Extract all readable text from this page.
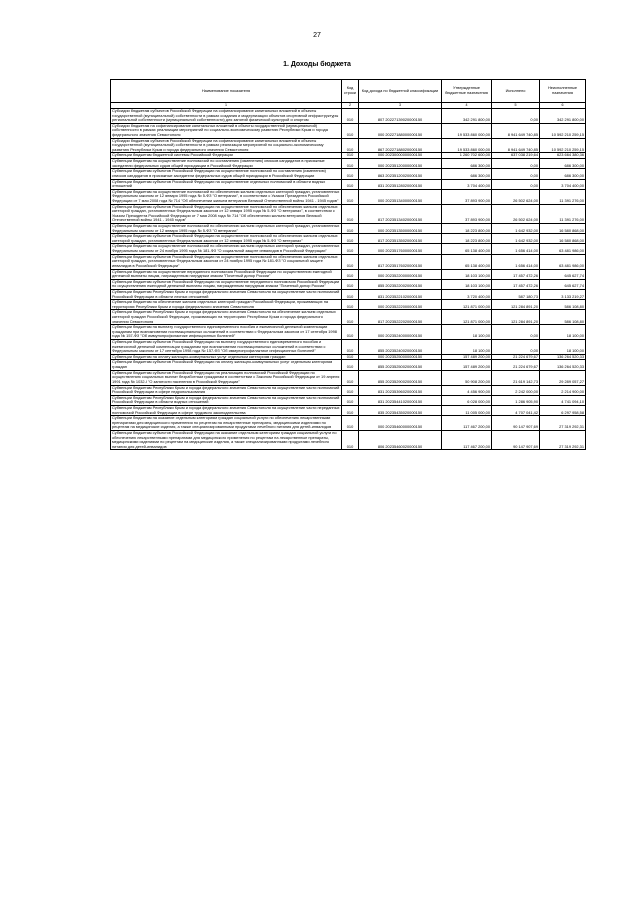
27
1. Доходы бюджета
Наименование показателя	Код строки	Код дохода по бюджетной классификации	Утвержденные бюджетные назначения	Исполнено	Неисполненные назначения
1	2	3	4	5	6
Субсидии бюджетам субъектов Российской Федерации на софинансирование капитальных вложений в объекты государственной (муниципальной) собственности в рамках создания и модернизации объектов спортивной инфраструктуры региональной собственности (муниципальной собственности) для занятий физической культурой и спортом	010	807 20227139020000150	342 291 800,00	0,00	342 291 800,00
Субсидии бюджетам на софинансирование капитальных вложений в объекты государственной (муниципальной) собственности в рамках реализации мероприятий по социально-экономическому развитию Республики Крым и города федерального значения Севастополя	010	000 20227188000000150	19 533 860 000,00	8 941 649 740,85	10 592 210 259,15
Субсидии бюджетам субъектов Российской Федерации на софинансирование капитальных вложений в объекты государственной (муниципальной) собственности в рамках реализации мероприятий по социально-экономическому развитию Республики Крым и города федерального значения Севастополя	010	867 20227188020000150	19 533 860 000,00	8 941 649 740,85	10 592 210 259,15
Субвенции бюджетам бюджетной системы Российской Федерации	010	000 20230000000000150	1 260 702 600,00	637 038 219,64	623 664 380,36
Субвенции бюджетам на осуществление полномочий по составлению (изменению) списков кандидатов в присяжные заседатели федеральных судов общей юрисдикции в Российской Федерации	010	000 20235120000000150	686 300,00	0,00	686 300,00
Субвенции бюджетам субъектов Российской Федерации на осуществление полномочий по составлению (изменению) списков кандидатов в присяжные заседатели федеральных судов общей юрисдикции в Российской Федерации	010	863 20235120020000150	686 300,00	0,00	686 300,00
Субвенции бюджетам субъектов Российской Федерации на осуществление отдельных полномочий в области водных отношений	010	831 20235128020000150	3 704 400,00	0,00	3 704 400,00
Субвенции бюджетам на осуществление полномочий по обеспечению жильем отдельных категорий граждан, установленных Федеральным законом от 12 января 1995 года № 5-ФЗ "О ветеранах", в соответствии с Указом Президента Российской Федерации от 7 мая 2008 года № 714 "Об обеспечении жильем ветеранов Великой Отечественной войны 1941 - 1945 годов"	010	000 20235134000000150	37 893 900,00	26 502 624,00	11 391 276,00
Субвенции бюджетам субъектов Российской Федерации на осуществление полномочий по обеспечению жильем отдельных категорий граждан, установленных Федеральным законом от 12 января 1995 года № 5-ФЗ "О ветеранах", в соответствии с Указом Президента Российской Федерации от 7 мая 2008 года № 714 "Об обеспечении жильем ветеранов Великой Отечественной войны 1941 - 1945 годов"	010	817 20235134020000150	37 893 900,00	26 502 624,00	11 391 276,00
Субвенции бюджетам на осуществление полномочий по обеспечению жильем отдельных категорий граждан, установленных Федеральным законом от 12 января 1995 года № 5-ФЗ "О ветеранах"	010	000 20235135000000150	18 223 800,00	1 642 932,00	16 580 868,00
Субвенции бюджетам субъектов Российской Федерации на осуществление полномочий по обеспечению жильем отдельных категорий граждан, установленных Федеральным законом от 12 января 1995 года № 5-ФЗ "О ветеранах"	010	817 20235135020000150	18 223 800,00	1 642 932,00	16 580 868,00
Субвенции бюджетам на осуществление полномочий по обеспечению жильем отдельных категорий граждан, установленных Федеральным законом от 24 ноября 1995 года № 181-ФЗ "О социальной защите инвалидов в Российской Федерации"	010	000 20235176000000150	65 138 400,00	1 656 414,00	63 481 986,00
Субвенции бюджетам субъектов Российской Федерации на осуществление полномочий по обеспечению жильем отдельных категорий граждан, установленных Федеральным законом от 24 ноября 1995 года № 181-ФЗ "О социальной защите инвалидов в Российской Федерации"	010	817 20235176020000150	65 138 400,00	1 656 414,00	63 481 986,00
Субвенции бюджетам на осуществление переданного полномочия Российской Федерации по осуществлению ежегодной денежной выплаты лицам, награжденным нагрудным знаком "Почетный донор России"	010	000 20235220000000150	18 103 100,00	17 457 472,26	645 627,74
Субвенции бюджетам субъектов Российской Федерации на осуществление переданного полномочия Российской Федерации по осуществлению ежегодной денежной выплаты лицам, награжденным нагрудным знаком "Почетный донор России"	010	855 20235220020000150	18 103 100,00	17 457 472,26	645 627,74
Субвенции бюджетам Республики Крым и города федерального значения Севастополя на осуществление части полномочий Российской Федерации в области лесных отношений	010	831 20235221020000150	3 720 400,00	587 180,73	3 133 219,27
Субвенции бюджетам на обеспечение жильем отдельных категорий граждан Российской Федерации, проживающих на территориях Республики Крым и города федерального значения Севастополя	010	000 20235222000000150	121 871 000,00	121 284 891,20	586 108,80
Субвенции бюджетам Республики Крым и города федерального значения Севастополя на обеспечение жильем отдельных категорий граждан Российской Федерации, проживающих на территориях Республики Крым и города федерального значения Севастополя	010	817 20235222020000150	121 871 000,00	121 284 891,20	586 108,80
Субвенции бюджетам на выплату государственного единовременного пособия и ежемесячной денежной компенсации гражданам при возникновении поствакцинальных осложнений в соответствии с Федеральным законом от 17 сентября 1998 года № 157-ФЗ "Об иммунопрофилактике инфекционных болезней"	010	000 20235240000000150	18 100,00	0,00	18 100,00
Субвенции бюджетам субъектов Российской Федерации на выплату государственного единовременного пособия и ежемесячной денежной компенсации гражданам при возникновении поствакцинальных осложнений в соответствии с Федеральным законом от 17 сентября 1998 года № 157-ФЗ "Об иммунопрофилактике инфекционных болезней"	010	855 20235240020000150	18 100,00	0,00	18 100,00
Субвенции бюджетам на оплату жилищно-коммунальных услуг отдельным категориям граждан	010	000 20235250000000150	157 489 200,00	21 224 679,67	136 264 520,33
Субвенции бюджетам субъектов Российской Федерации на оплату жилищно-коммунальных услуг отдельным категориям граждан	010	855 20235250020000150	157 489 200,00	21 224 679,67	136 264 520,33
Субвенции бюджетам субъектов Российской Федерации на реализацию полномочий Российской Федерации по осуществлению социальных выплат безработным гражданам в соответствии с Законом Российской Федерации от 19 апреля 1991 года № 1032-I "О занятости населения в Российской Федерации"	010	855 20235290020000150	50 908 200,00	21 619 142,73	29 289 057,27
Субвенции бюджетам Республики Крым и города федерального значения Севастополя на осуществление части полномочий Российской Федерации в сфере недропользования	010	831 20235396020000150	4 456 900,00	2 242 000,00	2 214 900,00
Субвенции бюджетам Республики Крым и города федерального значения Севастополя на осуществление части полномочий Российской Федерации в области водных отношений	010	831 20235441020000150	6 028 000,00	1 286 905,90	4 741 094,10
Субвенции бюджетам Республики Крым и города федерального значения Севастополя на осуществление части переданных полномочий Российской Федерации в сфере трудового законодательства	010	835 20235435020000150	11 005 000,00	4 707 041,42	6 297 958,58
Субвенции бюджетам на оказание отдельным категориям граждан социальной услуги по обеспечению лекарственными препаратами для медицинского применения по рецептам на лекарственные препараты, медицинскими изделиями по рецептам на медицинские изделия, а также специализированными продуктами лечебного питания для детей-инвалидов	010	000 20235460000000150	117 467 200,00	90 147 907,69	27 319 292,31
Субвенции бюджетам субъектов Российской Федерации на оказание отдельным категориям граждан социальной услуги по обеспечению лекарственными препаратами для медицинского применения по рецептам на лекарственные препараты, медицинскими изделиями по рецептам на медицинские изделия, а также специализированными продуктами лечебного питания для детей-инвалидов	010	806 20235460020000150	117 467 200,00	90 147 907,69	27 319 292,31
